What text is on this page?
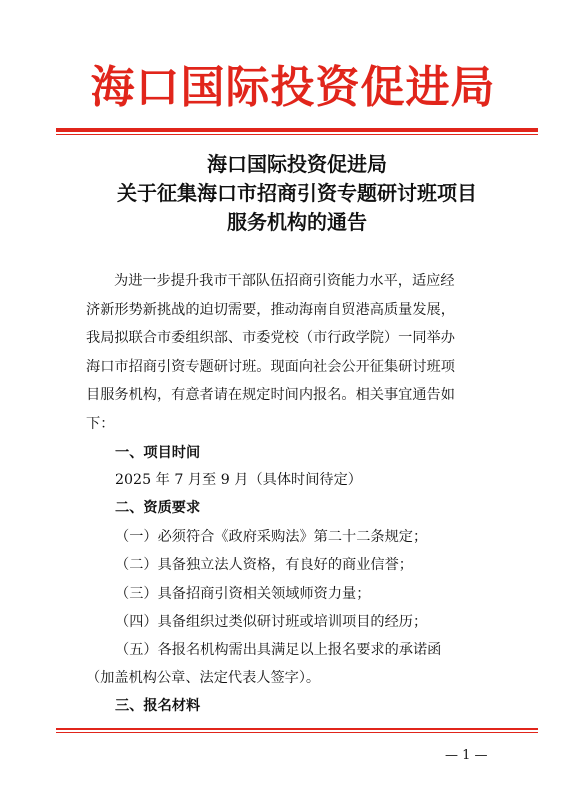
海口国际投资促进局
海口国际投资促进局
关于征集海口市招商引资专题研讨班项目
服务机构的通告
为进一步提升我市干部队伍招商引资能力水平，适应经
济新形势新挑战的迫切需要，推动海南自贸港高质量发展，
我局拟联合市委组织部、市委党校（市行政学院）一同举办
海口市招商引资专题研讨班。现面向社会公开征集研讨班项
目服务机构，有意者请在规定时间内报名。相关事宜通告如
下：
一、项目时间
2025 年 7 月至 9 月（具体时间待定）
二、资质要求
（一）必须符合《政府采购法》第二十二条规定；
（二）具备独立法人资格，有良好的商业信誉；
（三）具备招商引资相关领域师资力量；
（四）具备组织过类似研讨班或培训项目的经历；
（五）各报名机构需出具满足以上报名要求的承诺函
（加盖机构公章、法定代表人签字）。
三、报名材料
— 1 —
